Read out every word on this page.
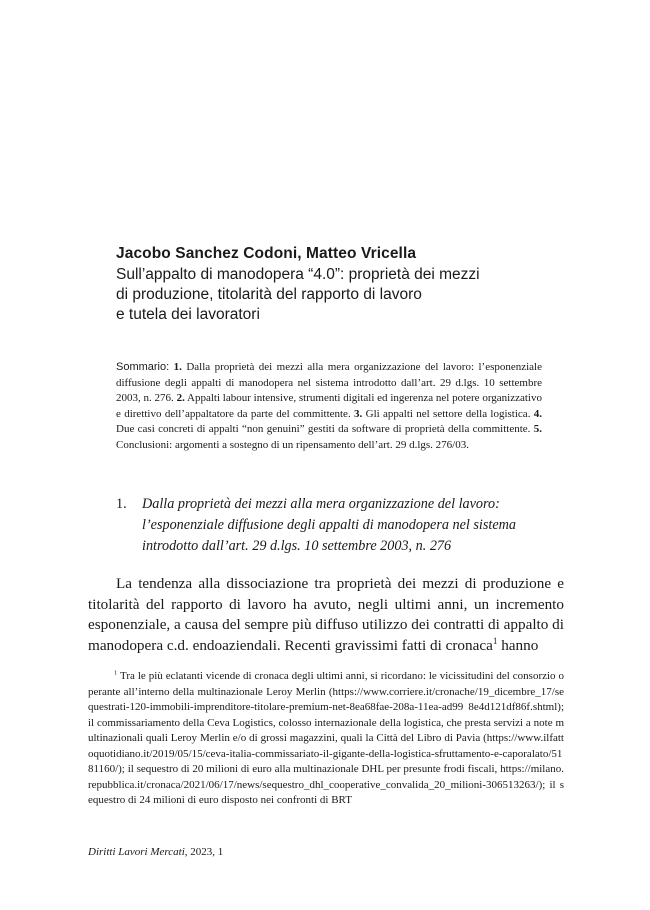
Jacobo Sanchez Codoni, Matteo Vricella
Sull’appalto di manodopera “4.0”: proprietà dei mezzi
di produzione, titolarità del rapporto di lavoro
e tutela dei lavoratori
Sommario: 1. Dalla proprietà dei mezzi alla mera organizzazione del lavoro: l’esponenziale diffusione degli appalti di manodopera nel sistema introdotto dall’art. 29 d.lgs. 10 settembre 2003, n. 276. 2. Appalti labour intensive, strumenti digitali ed ingerenza nel potere organizzativo e direttivo dell’appaltatore da parte del committente. 3. Gli appalti nel settore della logistica. 4. Due casi concreti di appalti “non genuini” gestiti da software di proprietà della committente. 5. Conclusioni: argomenti a sostegno di un ripensamento dell’art. 29 d.lgs. 276/03.
1. Dalla proprietà dei mezzi alla mera organizzazione del lavoro: l’esponenziale diffusione degli appalti di manodopera nel sistema introdotto dall’art. 29 d.lgs. 10 settembre 2003, n. 276

La tendenza alla dissociazione tra proprietà dei mezzi di produzione e titolarità del rapporto di lavoro ha avuto, negli ultimi anni, un incremento esponenziale, a causa del sempre più diffuso utilizzo dei contratti di appalto di manodopera c.d. endoaziendali. Recenti gravissimi fatti di cronaca$^1$ hanno

$^1$ Tra le più eclatanti vicende di cronaca degli ultimi anni, si ricordano: le vicissitudini del consorzio operante all’interno della multinazionale Leroy Merlin (https://www.corriere.it/cronache/19_dicembre_17/sequestrati-120-immobili-imprenditore-titolare-premium-net-8ea68fae-208a-11ea-ad99 8e4d121df86f.shtml); il commissariamento della Ceva Logistics, colosso internazionale della logistica, che presta servizi a note multinazionali quali Leroy Merlin e/o di grossi magazzini, quali la Città del Libro di Pavia (https://www.ilfattoquotidiano.it/2019/05/15/ceva-italia-commissariato-il-gigante-della-logistica-sfruttamento-e-caporalato/5181160/); il sequestro di 20 milioni di euro alla multinazionale DHL per presunte frodi fiscali, https://milano.repubblica.it/cronaca/2021/06/17/news/sequestro_dhl_cooperative_convalida_20_milioni-306513263/); il sequestro di 24 milioni di euro disposto nei confronti di BRT

Diritti Lavori Mercati, 2023, 1
